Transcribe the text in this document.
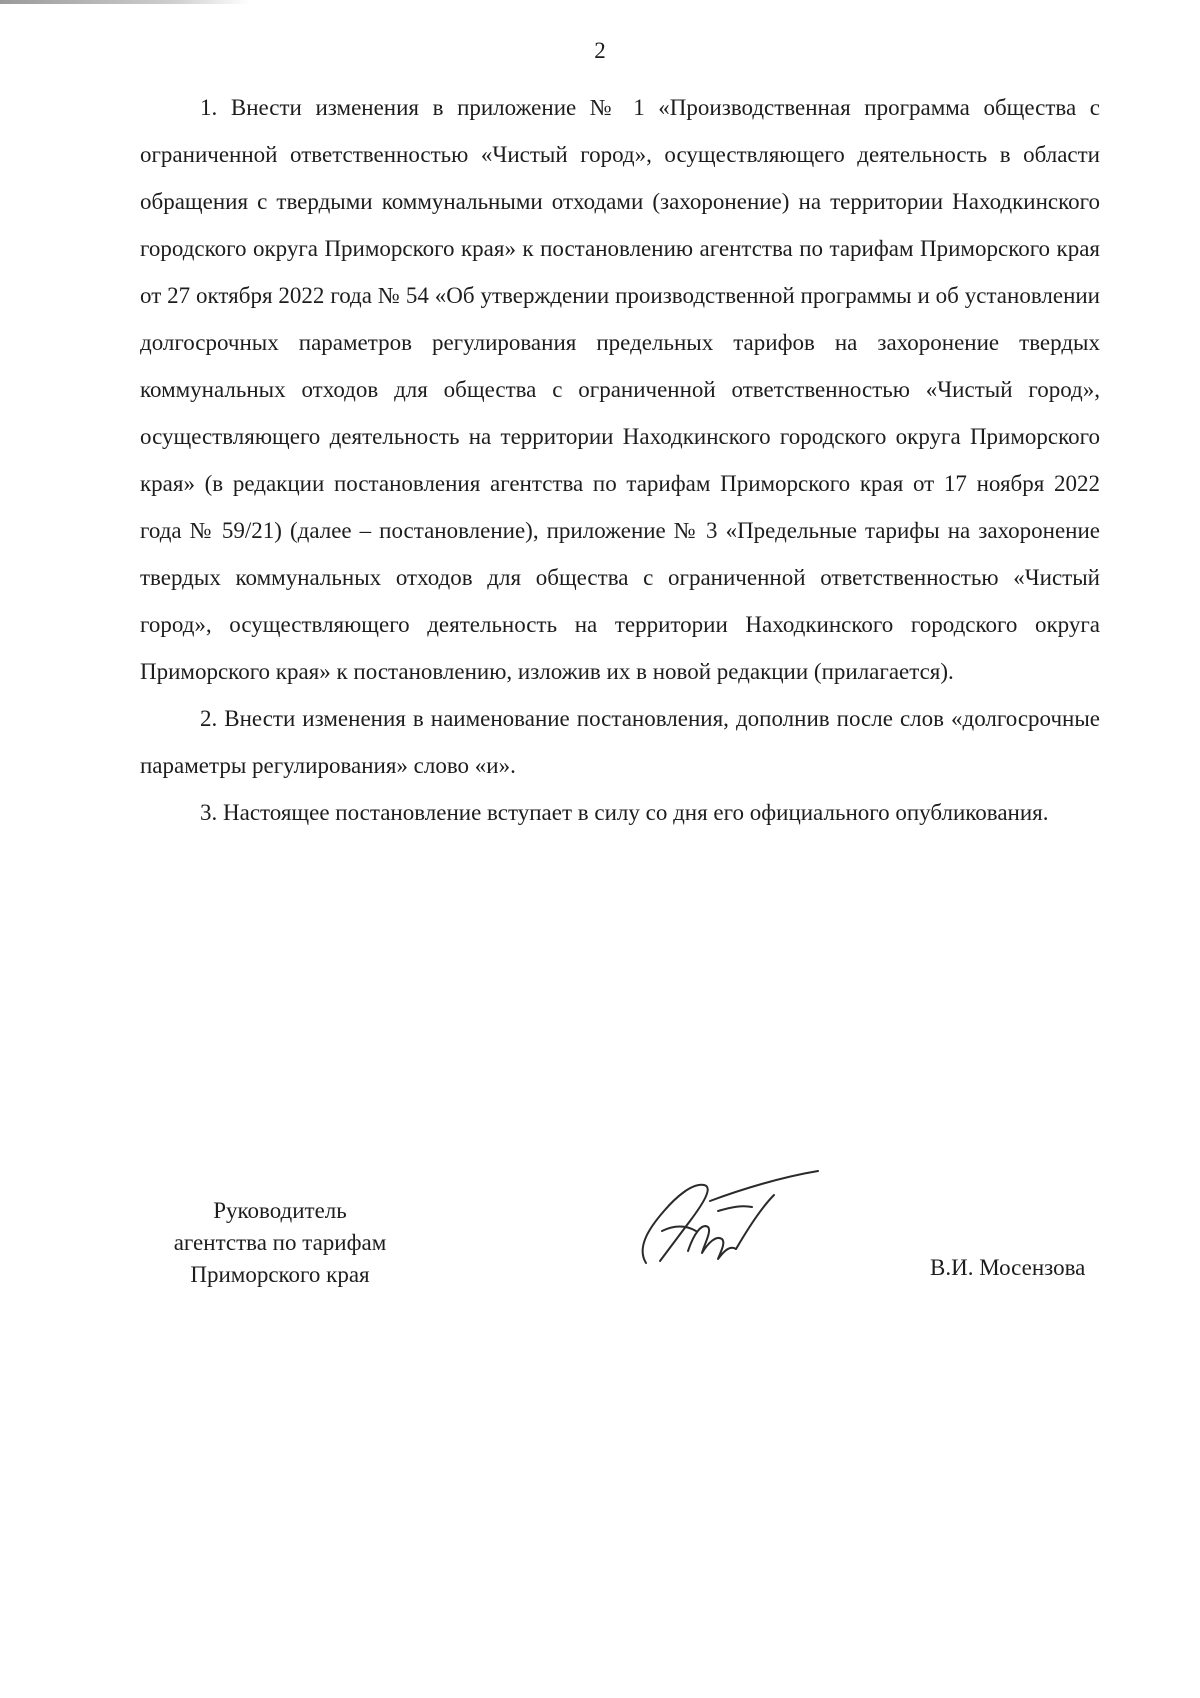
2

1. Внести изменения в приложение № 1 «Производственная программа общества с ограниченной ответственностью «Чистый город», осуществляющего деятельность в области обращения с твердыми коммунальными отходами (захоронение) на территории Находкинского городского округа Приморского края» к постановлению агентства по тарифам Приморского края от 27 октября 2022 года № 54 «Об утверждении производственной программы и об установлении долгосрочных параметров регулирования предельных тарифов на захоронение твердых коммунальных отходов для общества с ограниченной ответственностью «Чистый город», осуществляющего деятельность на территории Находкинского городского округа Приморского края» (в редакции постановления агентства по тарифам Приморского края от 17 ноября 2022 года № 59/21) (далее – постановление), приложение № 3 «Предельные тарифы на захоронение твердых коммунальных отходов для общества с ограниченной ответственностью «Чистый город», осуществляющего деятельность на территории Находкинского городского округа Приморского края» к постановлению, изложив их в новой редакции (прилагается).

2. Внести изменения в наименование постановления, дополнив после слов «долгосрочные параметры регулирования» слово «и».

3. Настоящее постановление вступает в силу со дня его официального опубликования.

Руководитель
агентства по тарифам
Приморского края	В.И. Мосензова
